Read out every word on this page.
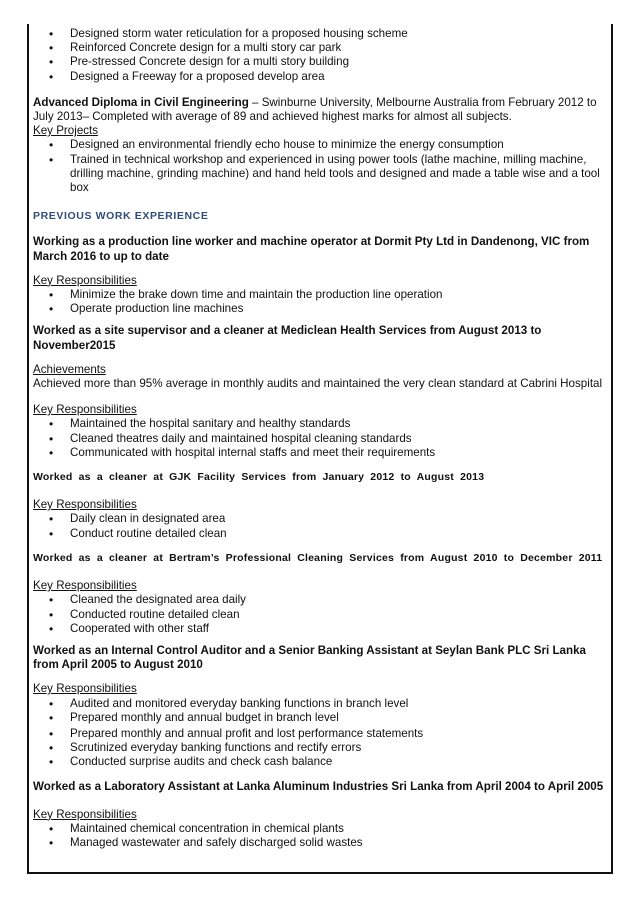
• Designed storm water reticulation for a proposed housing scheme
• Reinforced Concrete design for a multi story car park
• Pre-stressed Concrete design for a multi story building
• Designed a Freeway for a proposed develop area
Advanced Diploma in Civil Engineering – Swinburne University, Melbourne Australia from February 2012 to July 2013– Completed with average of 89 and achieved highest marks for almost all subjects.
Key Projects
• Designed an environmental friendly echo house to minimize the energy consumption
• Trained in technical workshop and experienced in using power tools (lathe machine, milling machine, drilling machine, grinding machine) and hand held tools and designed and made a table wise and a tool box
PREVIOUS WORK EXPERIENCE
Working as a production line worker and machine operator at Dormit Pty Ltd in Dandenong, VIC from March 2016 to up to date
Key Responsibilities
• Minimize the brake down time and maintain the production line operation
• Operate production line machines
Worked as a site supervisor and a cleaner at Mediclean Health Services from August 2013 to November2015
Achievements
Achieved more than 95% average in monthly audits and maintained the very clean standard at Cabrini Hospital
Key Responsibilities
• Maintained the hospital sanitary and healthy standards
• Cleaned theatres daily and maintained hospital cleaning standards
• Communicated with hospital internal staffs and meet their requirements
Worked as a cleaner at GJK Facility Services from January 2012 to August 2013
Key Responsibilities
• Daily clean in designated area
• Conduct routine detailed clean
Worked as a cleaner at Bertram’s Professional Cleaning Services from August 2010 to December 2011
Key Responsibilities
• Cleaned the designated area daily
• Conducted routine detailed clean
• Cooperated with other staff
Worked as an Internal Control Auditor and a Senior Banking Assistant at Seylan Bank PLC Sri Lanka from April 2005 to August 2010
Key Responsibilities
• Audited and monitored everyday banking functions in branch level
• Prepared monthly and annual budget in branch level
• Prepared monthly and annual profit and lost performance statements
• Scrutinized everyday banking functions and rectify errors
• Conducted surprise audits and check cash balance
Worked as a Laboratory Assistant at Lanka Aluminum Industries Sri Lanka from April 2004 to April 2005
Key Responsibilities
• Maintained chemical concentration in chemical plants
• Managed wastewater and safely discharged solid wastes
